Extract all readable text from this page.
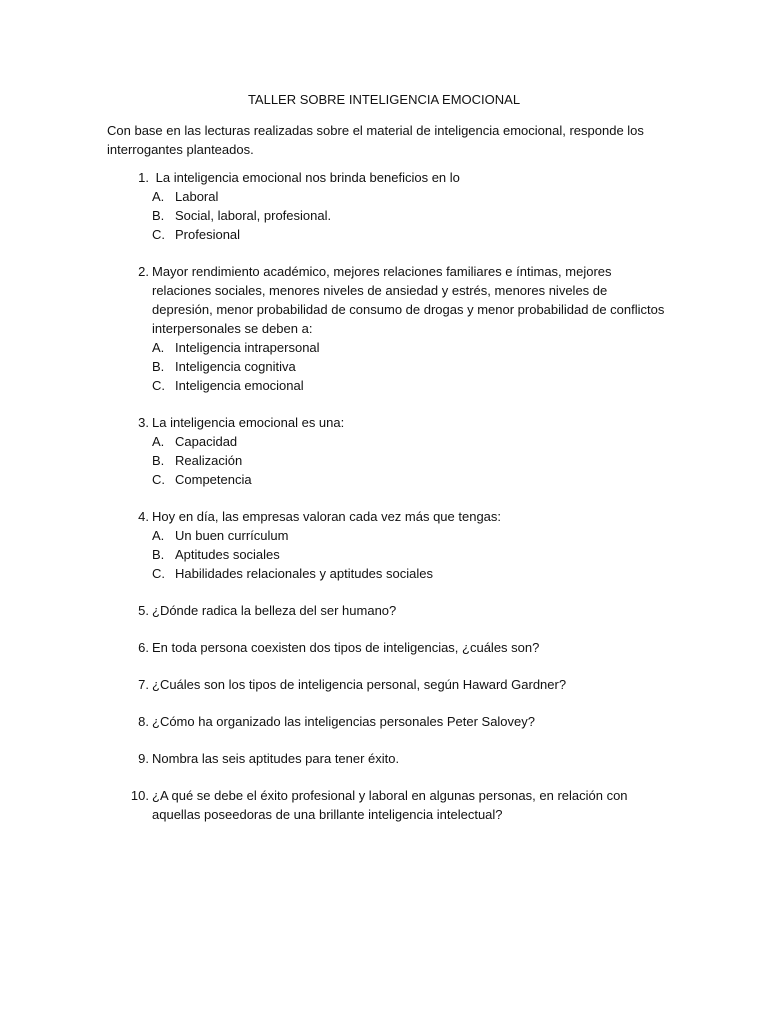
TALLER SOBRE INTELIGENCIA EMOCIONAL
Con base en las lecturas realizadas sobre el material de inteligencia emocional, responde los interrogantes planteados.
1. La inteligencia emocional nos brinda beneficios en lo
A. Laboral
B. Social, laboral, profesional.
C. Profesional
2. Mayor rendimiento académico, mejores relaciones familiares e íntimas, mejores relaciones sociales, menores niveles de ansiedad y estrés, menores niveles de depresión, menor probabilidad de consumo de drogas y menor probabilidad de conflictos interpersonales se deben a:
A. Inteligencia intrapersonal
B. Inteligencia cognitiva
C. Inteligencia emocional
3. La inteligencia emocional es una:
A. Capacidad
B. Realización
C. Competencia
4. Hoy en día, las empresas valoran cada vez más que tengas:
A. Un buen currículum
B. Aptitudes sociales
C. Habilidades relacionales y aptitudes sociales
5. ¿Dónde radica la belleza del ser humano?
6. En toda persona coexisten dos tipos de inteligencias, ¿cuáles son?
7. ¿Cuáles son los tipos de inteligencia personal, según Haward Gardner?
8. ¿Cómo ha organizado las inteligencias personales Peter Salovey?
9. Nombra las seis aptitudes para tener éxito.
10. ¿A qué se debe el éxito profesional y laboral en algunas personas, en relación con aquellas poseedoras de una brillante inteligencia intelectual?
